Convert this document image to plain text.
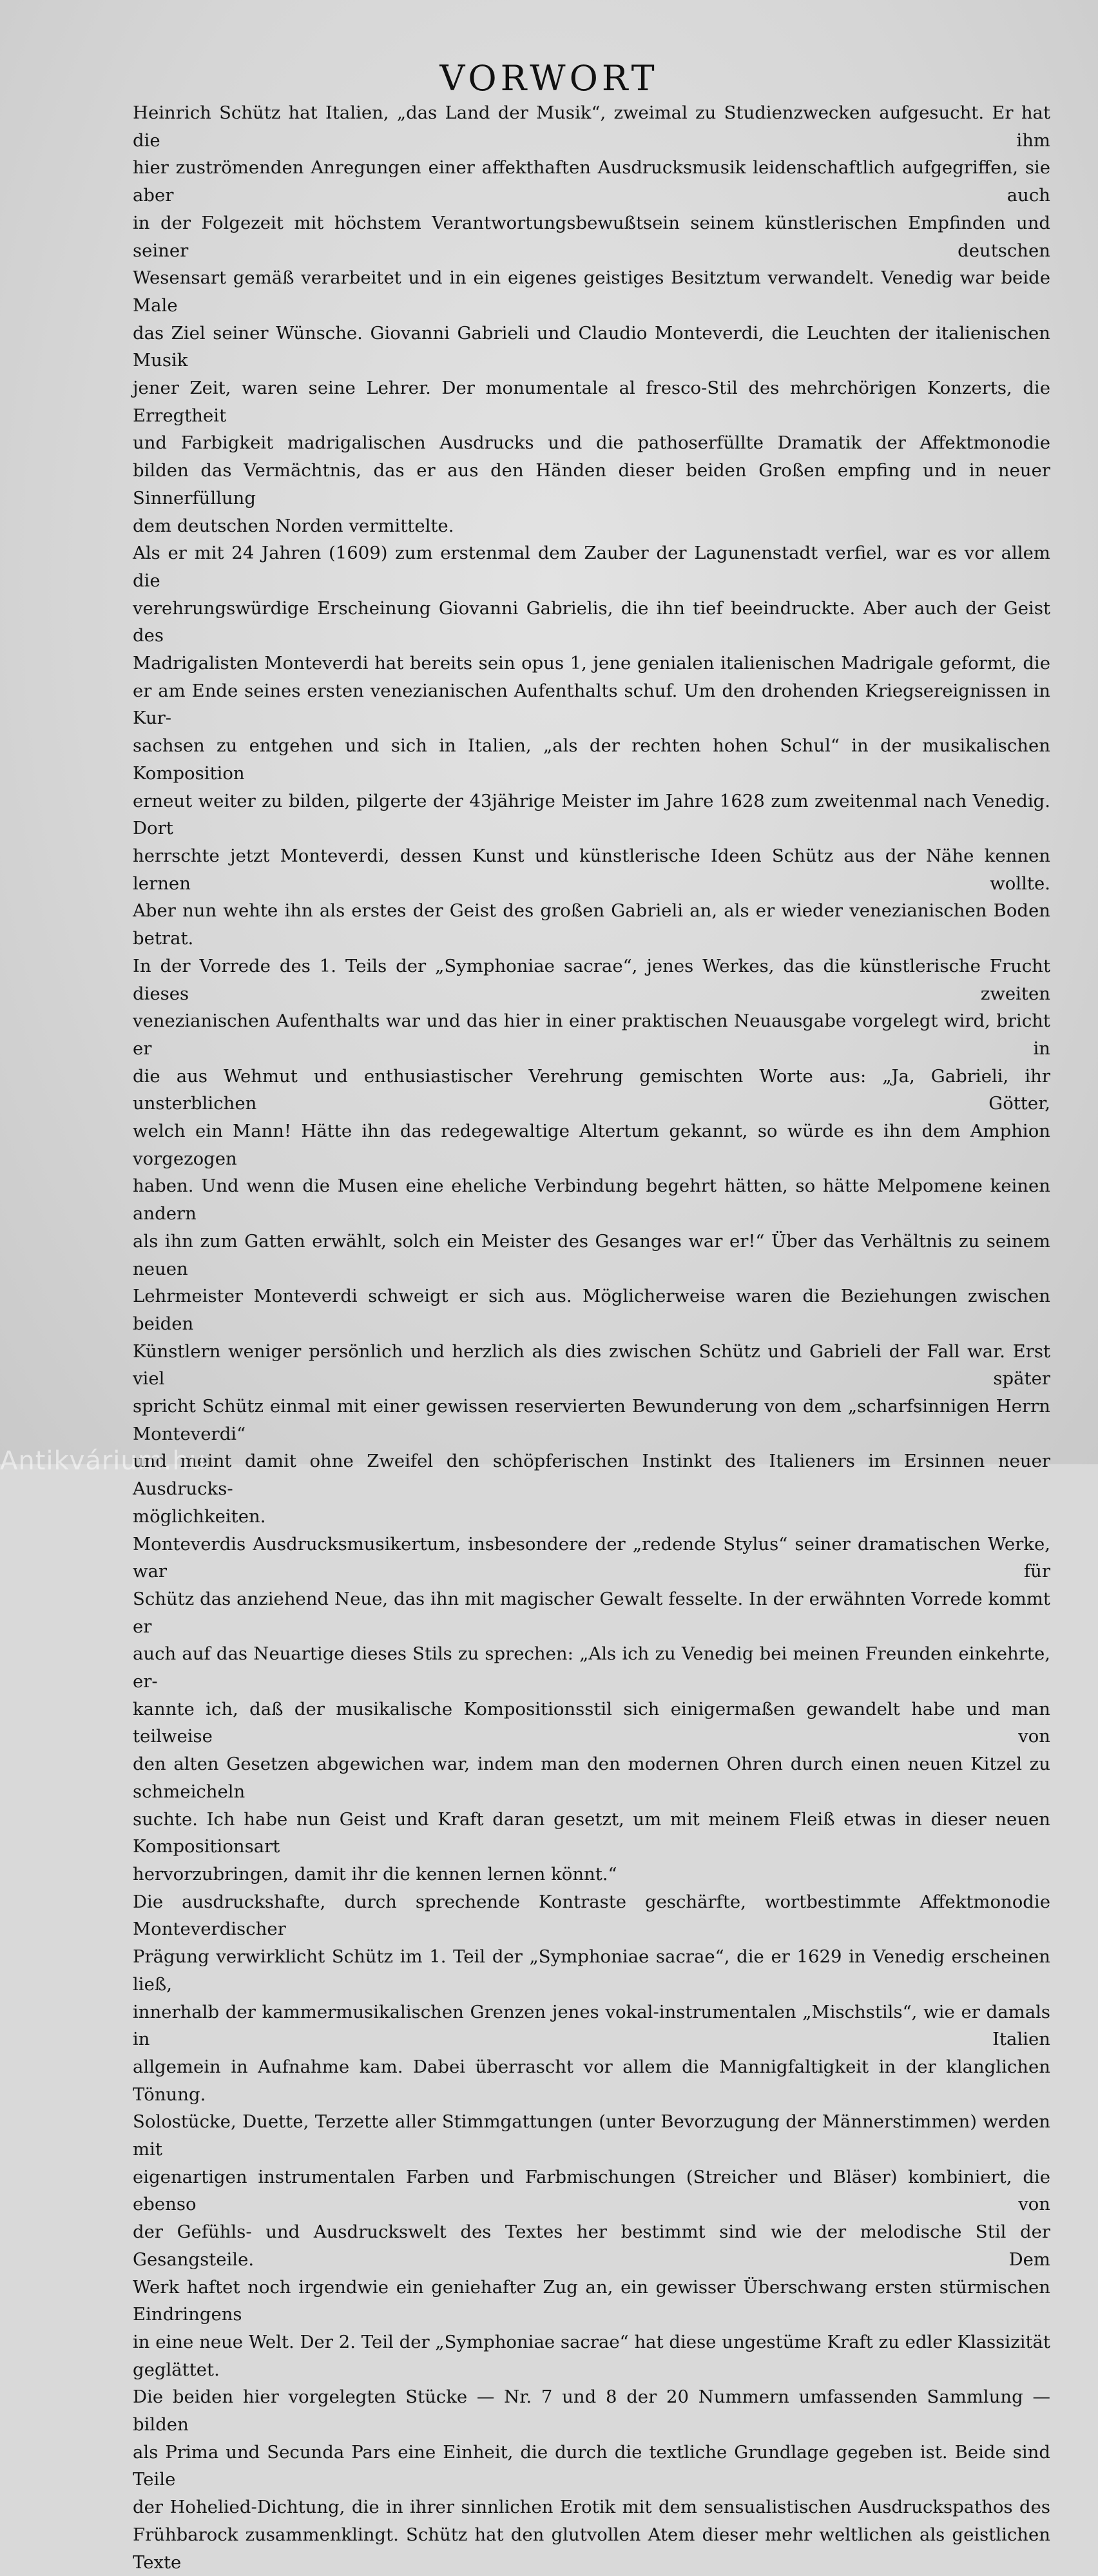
VORWORT

Heinrich Schütz hat Italien, „das Land der Musik“, zweimal zu Studienzwecken aufgesucht. Er hat die ihm

hier zuströmenden Anregungen einer affekthaften Ausdrucksmusik leidenschaftlich aufgegriffen, sie aber auch

in der Folgezeit mit höchstem Verantwortungsbewußtsein seinem künstlerischen Empfinden und seiner deutschen

Wesensart gemäß verarbeitet und in ein eigenes geistiges Besitztum verwandelt. Venedig war beide Male

das Ziel seiner Wünsche. Giovanni Gabrieli und Claudio Monteverdi, die Leuchten der italienischen Musik

jener Zeit, waren seine Lehrer. Der monumentale al fresco-Stil des mehrchörigen Konzerts, die Erregtheit

und Farbigkeit madrigalischen Ausdrucks und die pathoserfüllte Dramatik der Affektmonodie

bilden das Vermächtnis, das er aus den Händen dieser beiden Großen empfing und in neuer Sinnerfüllung

dem deutschen Norden vermittelte.

Als er mit 24 Jahren (1609) zum erstenmal dem Zauber der Lagunenstadt verfiel, war es vor allem die

verehrungswürdige Erscheinung Giovanni Gabrielis, die ihn tief beeindruckte. Aber auch der Geist des

Madrigalisten Monteverdi hat bereits sein opus 1, jene genialen italienischen Madrigale geformt, die

er am Ende seines ersten venezianischen Aufenthalts schuf. Um den drohenden Kriegsereignissen in Kur-

sachsen zu entgehen und sich in Italien, „als der rechten hohen Schul“ in der musikalischen Komposition

erneut weiter zu bilden, pilgerte der 43jährige Meister im Jahre 1628 zum zweitenmal nach Venedig. Dort

herrschte jetzt Monteverdi, dessen Kunst und künstlerische Ideen Schütz aus der Nähe kennen lernen wollte.

Aber nun wehte ihn als erstes der Geist des großen Gabrieli an, als er wieder venezianischen Boden betrat.

In der Vorrede des 1. Teils der „Symphoniae sacrae“, jenes Werkes, das die künstlerische Frucht dieses zweiten

venezianischen Aufenthalts war und das hier in einer praktischen Neuausgabe vorgelegt wird, bricht er in

die aus Wehmut und enthusiastischer Verehrung gemischten Worte aus: „Ja, Gabrieli, ihr unsterblichen Götter,

welch ein Mann! Hätte ihn das redegewaltige Altertum gekannt, so würde es ihn dem Amphion vorgezogen

haben. Und wenn die Musen eine eheliche Verbindung begehrt hätten, so hätte Melpomene keinen andern

als ihn zum Gatten erwählt, solch ein Meister des Gesanges war er!“ Über das Verhältnis zu seinem neuen

Lehrmeister Monteverdi schweigt er sich aus. Möglicherweise waren die Beziehungen zwischen beiden

Künstlern weniger persönlich und herzlich als dies zwischen Schütz und Gabrieli der Fall war. Erst viel später

spricht Schütz einmal mit einer gewissen reservierten Bewunderung von dem „scharfsinnigen Herrn Monteverdi“

und meint damit ohne Zweifel den schöpferischen Instinkt des Italieners im Ersinnen neuer Ausdrucks-

möglichkeiten.

Monteverdis Ausdrucksmusikertum, insbesondere der „redende Stylus“ seiner dramatischen Werke, war für

Schütz das anziehend Neue, das ihn mit magischer Gewalt fesselte. In der erwähnten Vorrede kommt er

auch auf das Neuartige dieses Stils zu sprechen: „Als ich zu Venedig bei meinen Freunden einkehrte, er-

kannte ich, daß der musikalische Kompositionsstil sich einigermaßen gewandelt habe und man teilweise von

den alten Gesetzen abgewichen war, indem man den modernen Ohren durch einen neuen Kitzel zu schmeicheln

suchte. Ich habe nun Geist und Kraft daran gesetzt, um mit meinem Fleiß etwas in dieser neuen Kompositionsart

hervorzubringen, damit ihr die kennen lernen könnt.“

Die ausdruckshafte, durch sprechende Kontraste geschärfte, wortbestimmte Affektmonodie Monteverdischer

Prägung verwirklicht Schütz im 1. Teil der „Symphoniae sacrae“, die er 1629 in Venedig erscheinen ließ,

innerhalb der kammermusikalischen Grenzen jenes vokal-instrumentalen „Mischstils“, wie er damals in Italien

allgemein in Aufnahme kam. Dabei überrascht vor allem die Mannigfaltigkeit in der klanglichen Tönung.

Solostücke, Duette, Terzette aller Stimmgattungen (unter Bevorzugung der Männerstimmen) werden mit

eigenartigen instrumentalen Farben und Farbmischungen (Streicher und Bläser) kombiniert, die ebenso von

der Gefühls- und Ausdruckswelt des Textes her bestimmt sind wie der melodische Stil der Gesangsteile. Dem

Werk haftet noch irgendwie ein geniehafter Zug an, ein gewisser Überschwang ersten stürmischen Eindringens

in eine neue Welt. Der 2. Teil der „Symphoniae sacrae“ hat diese ungestüme Kraft zu edler Klassizität geglättet.

Die beiden hier vorgelegten Stücke — Nr. 7 und 8 der 20 Nummern umfassenden Sammlung — bilden

als Prima und Secunda Pars eine Einheit, die durch die textliche Grundlage gegeben ist. Beide sind Teile

der Hohelied-Dichtung, die in ihrer sinnlichen Erotik mit dem sensualistischen Ausdruckspathos des

Frühbarock zusammenklingt. Schütz hat den glutvollen Atem dieser mehr weltlichen als geistlichen Texte

Antikvárium.hu
